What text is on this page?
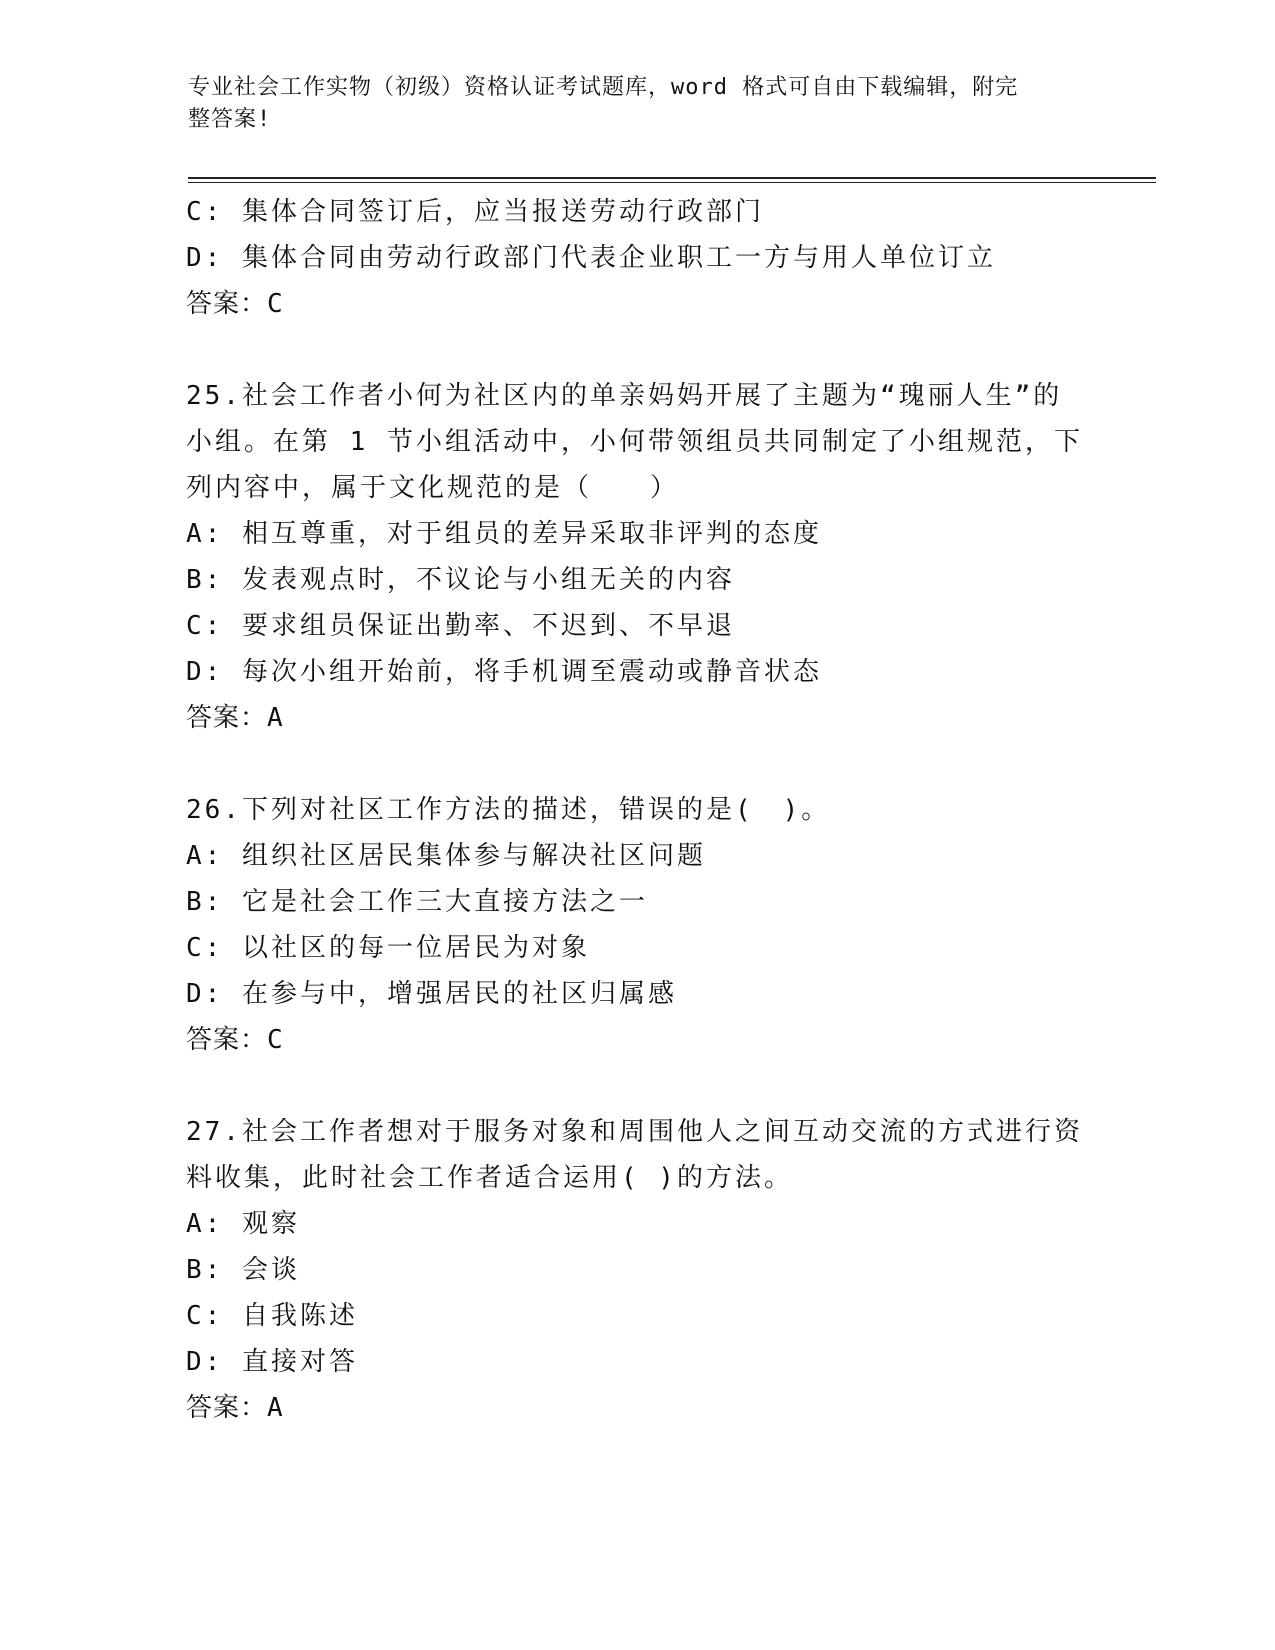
专业社会工作实物（初级）资格认证考试题库，word 格式可自由下载编辑，附完
整答案!
C: 集体合同签订后，应当报送劳动行政部门
D: 集体合同由劳动行政部门代表企业职工一方与用人单位订立
答案：C
25.社会工作者小何为社区内的单亲妈妈开展了主题为“瑰丽人生”的
小组。在第 1 节小组活动中，小何带领组员共同制定了小组规范，下
列内容中，属于文化规范的是（　　）
A: 相互尊重，对于组员的差异采取非评判的态度
B: 发表观点时，不议论与小组无关的内容
C: 要求组员保证出勤率、不迟到、不早退
D: 每次小组开始前，将手机调至震动或静音状态
答案：A
26.下列对社区工作方法的描述，错误的是(　)。
A: 组织社区居民集体参与解决社区问题
B: 它是社会工作三大直接方法之一
C: 以社区的每一位居民为对象
D: 在参与中，增强居民的社区归属感
答案：C
27.社会工作者想对于服务对象和周围他人之间互动交流的方式进行资
料收集，此时社会工作者适合运用( )的方法。
A: 观察
B: 会谈
C: 自我陈述
D: 直接对答
答案：A
